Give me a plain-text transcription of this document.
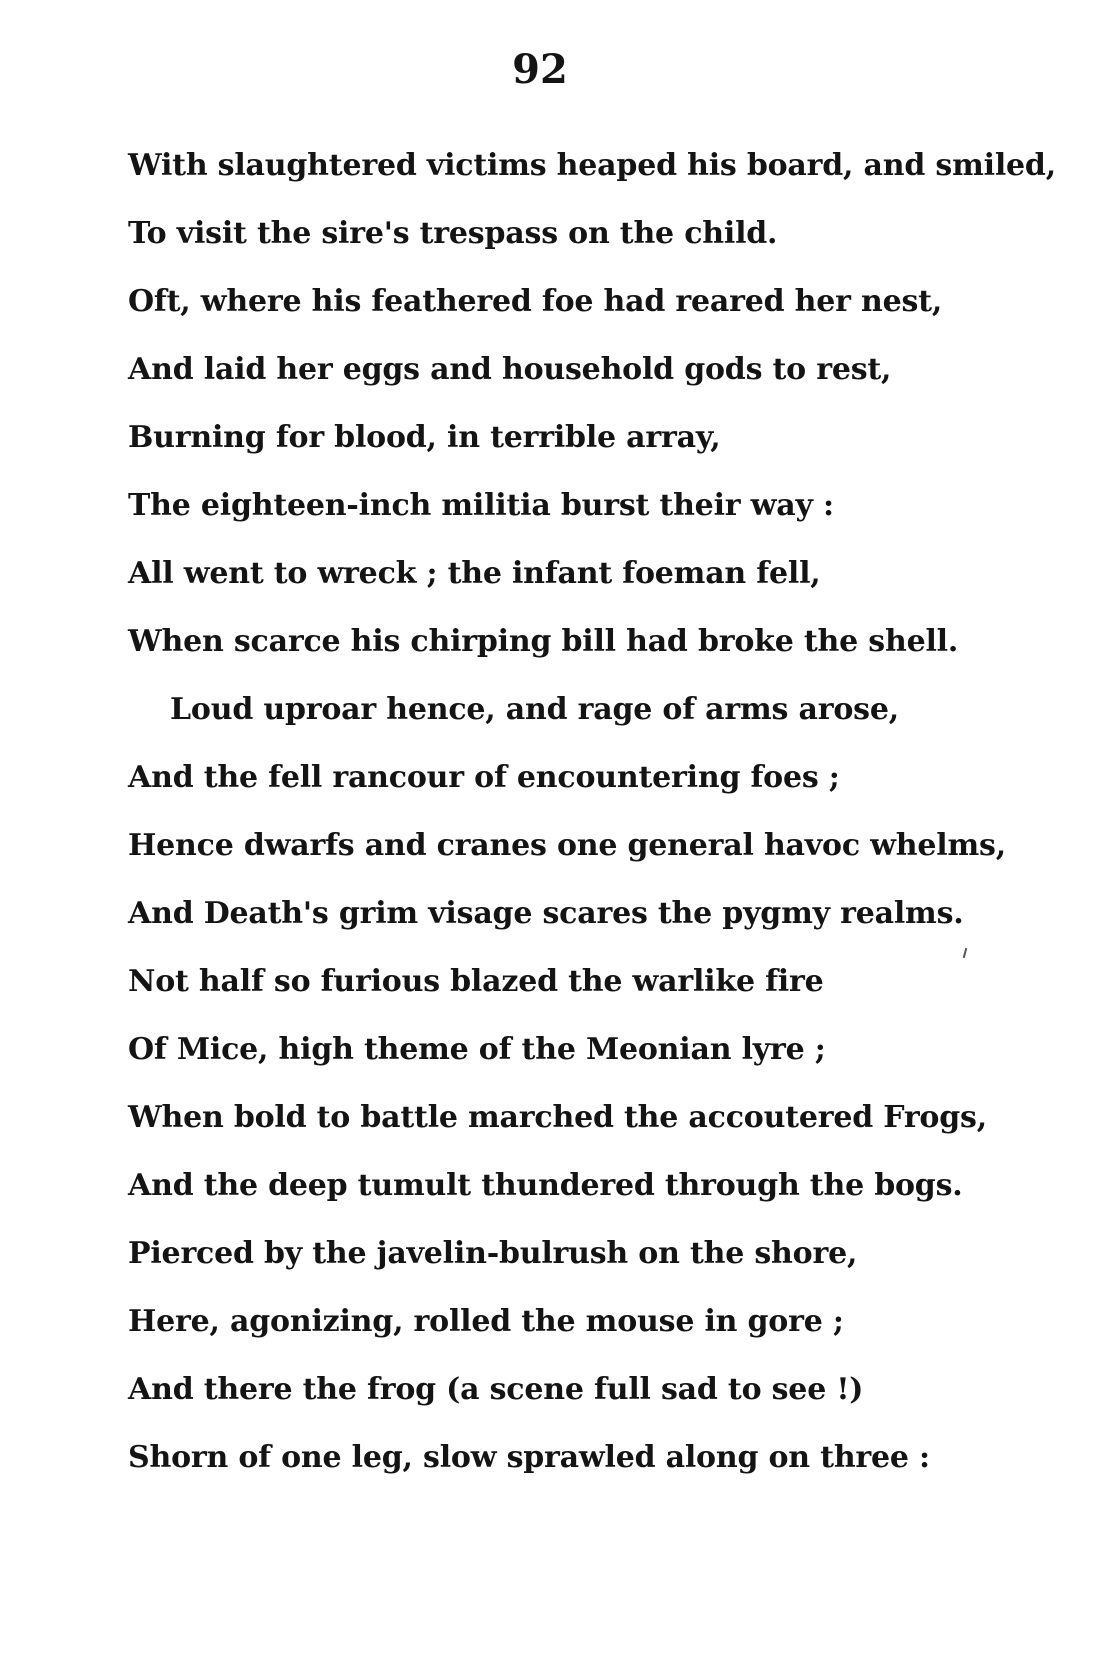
92
With slaughtered victims heaped his board, and smiled,
To visit the sire's trespass on the child.
Oft, where his feathered foe had reared her nest,
And laid her eggs and household gods to rest,
Burning for blood, in terrible array,
The eighteen-inch militia burst their way :
All went to wreck ; the infant foeman fell,
When scarce his chirping bill had broke the shell.
Loud uproar hence, and rage of arms arose,
And the fell rancour of encountering foes ;
Hence dwarfs and cranes one general havoc whelms,
And Death's grim visage scares the pygmy realms.
Not half so furious blazed the warlike fire
Of Mice, high theme of the Meonian lyre ;
When bold to battle marched the accoutered Frogs,
And the deep tumult thundered through the bogs.
Pierced by the javelin-bulrush on the shore,
Here, agonizing, rolled the mouse in gore ;
And there the frog (a scene full sad to see !)
Shorn of one leg, slow sprawled along on three :
